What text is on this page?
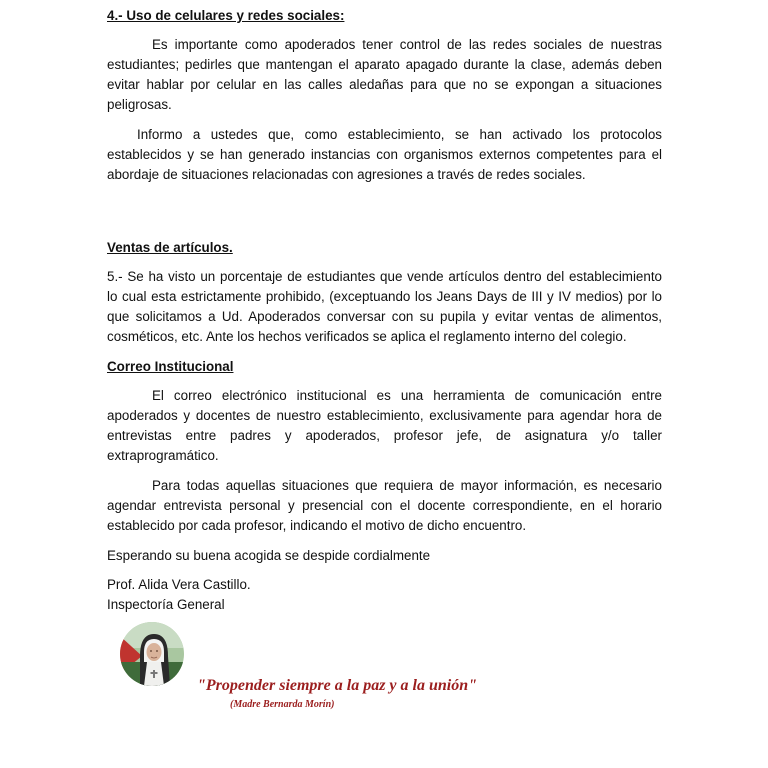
4.- Uso de celulares y redes sociales:

Es importante como apoderados tener control de las redes sociales de nuestras estudiantes; pedirles que mantengan el aparato apagado durante la clase, además deben evitar hablar por celular en las calles aledañas para que no se expongan a situaciones peligrosas.

Informo a ustedes que, como establecimiento, se han activado los protocolos establecidos y se han generado instancias con organismos externos competentes para el abordaje de situaciones relacionadas con agresiones a través de redes sociales.

Ventas de artículos.

5.- Se ha visto un porcentaje de estudiantes que vende artículos dentro del establecimiento lo cual esta estrictamente prohibido, (exceptuando los Jeans Days de III y IV medios) por lo que solicitamos a Ud. Apoderados conversar con su pupila y evitar ventas de alimentos, cosméticos, etc. Ante los hechos verificados se aplica el reglamento interno del colegio.

Correo Institucional

El correo electrónico institucional es una herramienta de comunicación entre apoderados y docentes de nuestro establecimiento, exclusivamente para agendar hora de entrevistas entre padres y apoderados, profesor jefe, de asignatura y/o taller extraprogramático.

Para todas aquellas situaciones que requiera de mayor información, es necesario agendar entrevista personal y presencial con el docente correspondiente, en el horario establecido por cada profesor, indicando el motivo de dicho encuentro.

Esperando su buena acogida se despide cordialmente

Prof. Alida Vera Castillo.

Inspectoría General

"Propender siempre a la paz y a la unión"
(Madre Bernarda Morín)
